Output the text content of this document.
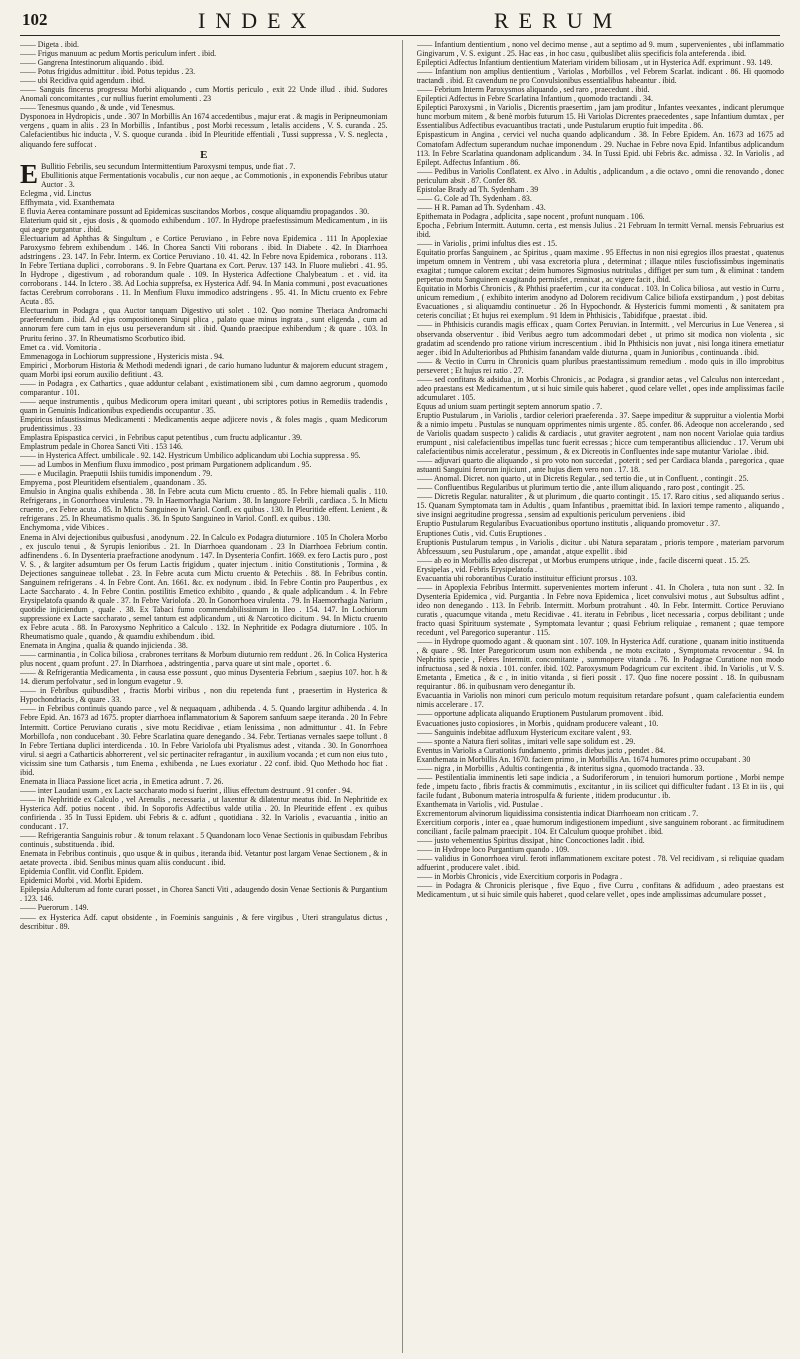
102	INDEX	RERUM

—— Digeta . ibid.

—— Frigus manuum ac pedum Mortis periculum infert . ibid.

—— Gangrena Intestinorum aliquando . ibid.

—— Potus frigidus admittitur . ibid. Potus tepidus . 23.

—— ubi Recidiva quid agendum . ibid.

—— Sanguis fincerus progressu Morbi aliquando , cum Mortis periculo , exit 22 Unde illud . ibid. Sudores Anomali concomitantes , cur nullius fuerint emolumenti . 23

—— Tenesmus quando , & unde , vid Tenesmus.

Dysponoea in Hydropicis , unde . 307 In Morbillis An 1674 accedentibus , majur erat . & magis in Peripneumoniam vergens , quam in aliis . 23 In Morbillis , Infantibus , post Morbi recessum , letalis accidens , V. S. curanda . 25. Calefacientibus hic inducta , V. S. quoque curanda . ibid In Pleuritide effentiali , Tussi suppressa , V. S. neglecta , aliquando fere suffocat .

E

E Bullitio Febrilis, seu secundum Intermittentium Paroxysmi tempus, unde fiat . 7.

Ebullitionis atque Fermentationis vocabulis , cur non aeque , ac Commotionis , in exponendis Febribus utatur Auctor . 3.

Eclegma , vid. Linctus

Effhymata , vid. Exanthemata

E fluvia Aerea contaminare possunt ad Epidemicas suscitandos Morbos , cosque aliquamdiu propagandos . 30.

Elaterium quid sit , ejus dosis , & quomodo exhibendum . 107. In Hydrope praefestissimum Medicamentum , in iis qui aegre purgantur . ibid.

Electuarium ad Aphthas & Singultum , e Cortice Peruviano , in Febre nova Epidemica . 111 In Apoplexiae Paroxysmo febrem exhibendum . 146. In Chorea Sancti Viti roborans . ibid. In Diabete . 42. In Diarrhoea adstringens . 23. 147. In Febr. Interm. ex Cortice Peruviano . 10. 41. 42. In Febre nova Epidemica , roborans . 113. In Febre Tertiana duplici , corroborans . 9. In Febre Quartana ex Cort. Peruv. 137 143. In Fluore muliebri . 41. 95. In Hydrope , digestivum , ad roborandum quale . 109. In Hysterica Adfectione Chalybeatum . et . vid. ita corroborans . 144. In Ictero . 38. Ad Lochia supprefsa, ex Hysterica Adf. 94. In Mania communi , post evacuationes factas Cerebrum corroborans . 11. In Menfium Fluxu immodico adstringens . 95. 41. In Mictu cruento ex Febre Acuta . 85.

Electuarium in Podagra , qua Auctor tanquam Digestivo uti solet . 102. Quo nomine Theriaca Andromachi praeferendum . ibid. Ad ejus compositionem Sirupi plica , palato quae minus ingrata , sunt eligenda , cum ad annorum fere cum tam in ejus usu perseverandum sit . ibid. Quando praecipue exhibendum ; & quare . 103. In Pruritu ferino . 37. In Rheumatismo Scorbutico ibid.

Emet ca . vid. Vomitoria .

Emmenagoga in Lochiorum suppressione , Hystericis mista . 94.

Empirici , Morborum Historia & Methodi medendi ignari , de cario humano luduntur & majorem educunt stragem , quam Morbi ipsi eorum auxilio defitiunt . 43.

—— in Podagra , ex Cathartics , quae adduntur celabant , existimationem sibi , cum damno aegrorum , quomodo comparantur . 101.

—— aeque instrumentis , quibus Medicorum opera imitari queant , ubi scriptores potius in Remediis tradendis , quam in Genuinis Indicationibus expediendis occupantur . 35.

Empiricus infaustissimus Medicamenti : Medicamentis aeque adjicere novis , & foles magis , quam Medicorum prudentissimus . 33

Emplastra Epispastica cervici , in Febribus caput petentibus , cum fructu adplicantur . 39.

Emplastrum pedale in Chorea Sancti Viti . 153 146.

—— in Hysterica Affect. umbilicale . 92. 142. Hystricum Umbilico adplicandum ubi Lochia suppressa . 95.

—— ad Lumbos in Menfium fluxu immodico , post primam Purgationem adplicandum . 95.

—— e Mucilagin. Praeputii Ishiis tumidis imponendum . 79.

Empyema , post Pleuritidem efsentialem , quandonam . 35.

Emulsio in Angina qualis exhibenda . 38. In Febre acuta cum Mictu cruento . 85. In Febre hiemali qualis . 110. Refrigerans , in Gonorrhoea virulenta . 79. In Haemorrhagia Narium . 38. In languore Febrili , cardiaca . 5. In Mictu cruento , ex Febre acuta . 85. In Mictu Sanguineo in Variol. Confl. ex quibus . 130. In Pleuritide effent. Lenient , & refrigerans . 25. In Rheumatismo qualis . 36. In Sputo Sanguineo in Variol. Confl. ex quibus . 130.

Enchymoma , vide Vibices .

Enema in Alvi dejectionibus quibusfusi , anodynum . 22. In Calculo ex Podagra diuturniore . 105 In Cholera Morbo , ex jusculo tenui , & Syrupis lenioribus . 21. In Diarrhoea quandonam . 23 In Diarrhoea Febrium contin. adfinendens . 6. In Dysenteria praefractione anodynum . 147. In Dysenteria Confirt. 1669. ex fero Lactis puro , post V. S. , & largiter adsumtum per Os ferum Lactis frigidum , quater injectum . initio Constitutionis , Tormina , & Dejectiones sanguineae tollebat . 23. In Febre acuta cum Mictu cruento & Petechiis . 88. In Febribus contin. Sanguinem refrigerans . 4. In Febre Cont. An. 1661. &c. ex nodynum . ibid. In Febre Contin pro Paupertbus , ex Lacte Saccharato . 4. In Febre Contin. postilitis Emetico exhibito , quando , & quale adplicandum . 4. In Febre Erysipelatofa quando & quale . 37. In Febre Variolofa . 20. In Gonorrhoea virulenta . 79. In Haemorrhagia Narium , quotidie injiciendum , quale . 38. Ex Tabaci fumo commendabilissimum in Ileo . 154. 147. In Lochiorum suppressione ex Lacte saccharato , semel tantum est adplicandum , uti & Narcotico dicitum . 94. In Mictu cruento ex Febre acuta . 88. In Paroxysmo Nephritico a Calculo . 132. In Nephritide ex Podagra diuturniore . 105. In Rheumatismo quale , quando , & quamdiu exhibendum . ibid.

Enemata in Angina , qualia & quando injicienda . 38.

—— carminantia , in Colica biliosa , crabrones territans & Morbum diuturnio rem reddunt . 26. In Colica Hysterica plus nocent , quam profunt . 27. In Diarrhoea , adstringentia , parva quare ut sint male , oportet . 6.

—— & Refrigerantia Medicamenta , in causa esse possunt , quo minus Dysenteria Febrium , saepius 107. hor. h & 14. dierum perfolvatur , sed in longum evagetur . 9.

—— in Febribus quibusdibet , fractis Morbi viribus , non diu repetenda funt , praesertim in Hysterica & Hypochondriacis , & quare . 33.

—— in Febribus continuis quando parce , vel & nequaquam , adhibenda . 4. 5. Quando largitur adhibenda . 4. In Febre Epid. An. 1673 ad 1675. propter diarrhoea inflammatorium & Saporem sanfuum saepe iteranda . 20 In Febre Intermitt. Cortice Peruviano curatis , sive motu Recidivae , etiam lenissima , non admittuntur . 41. In Febre Morbillofa , non conducebant . 30. Febre Scarlatina quare denegando . 34. Febr. Tertianas vernales saepe tollunt . 8 In Febre Tertiana duplici interdicenda . 10. In Febre Variolofa ubi Ptyalismus adest , vitanda . 30. In Gonorrhoea virul. si aegri a Catharticis abhorrerent , vel sic pertinaciter refragantur , in auxilium vocanda ; et cum non eius tuto , vicissim sine tum Catharsis , tum Enema , exhibenda , ne Lues exoriatur . 22 conf. ibid. Quo Methodo hoc fiat . ibid.

Enemata in Iliaca Passione licet acria , in Emetica adrunt . 7. 26.

—— inter Laudani usum , ex Lacte saccharato modo si fuerint , illius effectum destruunt . 91 confer . 94.

—— in Nephritide ex Calculo , vel Arenulis , necessaria , ut laxentur & dilatentur meatus ibid. In Nephritide ex Hysterica Adf. potius nocent . ibid. In Soporofis Adfectibus valde utilia . 20. In Pleuritide effent . ex quibus confirienda . 35 In Tussi Epidem. ubi Febris & c. adfunt , quotidiana . 32. In Variolis , evacuantia , initio an conducant . 17.

—— Refrigerantia Sanguinis robur . & tonum relaxant . 5 Quandonam loco Venae Sectionis in quibusdam Febribus continuis , substituenda . ibid.

Enemata in Febribus continuis , quo usque & in quibus , iteranda ibid. Vetantur post largam Venae Sectionem , & in aetate provecta . ibid. Senibus minus quam aliis conducunt . ibid.

Epidemia Conflit. vid Conflit. Epidem.

Epidemici Morbi , vid. Morbi Epidem.

Epilepsia Adulterum ad fonte curari posset , in Chorea Sancti Viti , adaugendo dosin Venae Sectionis & Purgantium . 123. 146.

—— Puerorum . 149.

—— ex Hysterica Adf. caput obsidente , in Foeminis sanguinis , & fere virgibus , Uteri strangulatus dictus , describitur . 89.

—— Infantium dentientium , nono vel decimo mense , aut a septimo ad 9. mum , supervenientes , ubi inflammatio Gingivarum , V. S. exigunt . 25. Hac eas , in hoc casu , quibuslibet aliis specificis fola anteferenda . ibid.

Epileptici Adfectus Infantium dentientium Materiam viridem biliosam , ut in Hysterica Adf. exprimunt . 93. 149.

—— Infantium non amplius dentientium , Variolas , Morbillos , vel Febrem Scarlat. indicant . 86. Hi quomodo tractandi . ibid. Et cavendum ne pro Convulsionibus essentialibus habeantur . ibid.

—— Febrium Interm Paroxysmos aliquando , sed raro , praecedunt . ibid.

Epileptici Adfectus in Febre Scarlatina Infantium , quomodo tractandi . 34.

Epileptici Paroxysmi , in Variolis , Dicrentis praesertim , jam jam proditur , Infantes veexantes , indicant plerumque hunc morbum mitem , & benè morbis futurum 15. Hi Variolas Dicrentes praecedentes , sape Infantium dumtax , per Essentialibus Adfectibus evacuantibus tractati , unde Pustularum eruptio fuit impedita . 86.

Epispasticum in Angina , cervici vel nucha quando adplicandum . 38. In Febre Epidem. An. 1673 ad 1675 ad Comatofam Adfectum superandum nuchae imponendum . 29. Nuchae in Febre nova Epid. Infantibus adplicandum 113. In Febre Scarlatina quandonam adplicandum . 34. In Tussi Epid. ubi Febris &c. admissa . 32. In Variolis , ad Epilept. Adfectus Infantium . 86.

—— Pedibus in Variolis Conflatent. ex Alvo . in Adultis , adplicandum , a die octavo , omni die renovando , donec periculum absit . 87. Confer 88.

Epistolae Brady ad Th. Sydenham . 39

—— G. Cole ad Th. Sydenham . 83.

—— H R. Paman ad Th. Sydenham . 43.

Epithemata in Podagra , adplicita , sape nocent , profunt nunquam . 106.

Epocha , Febrium Intermitt. Autumn. certa , est mensis Julius . 21 Februam In termitt Vernal. mensis Februarius est ibid.

—— in Variolis , primi infultus dies est . 15.

Equitatio prorfas Sanguinem , ac Spiritus , quam maxime . 95 Effectus in non nisi egregios illos praestat , quatenus impetum omnem in Ventrem , ubi vasa excretoria plura , determinat ; illaque ntiles fusciofissimbus ingeminatis exagitat ; tumque calorem excitat ; deim humores Sigmosius nutritulas , diffiget per sum tum , & eliminat : tandem perpetuo motu Sanguinem exagitando permisfet , rennixat , ac vigere facit , ibid.

Equitatio in Morbis Chronicis , & Phthisi praefertim , cur ita conducat . 103. In Colica biliosa , aut vestio in Curru , unicum remedium , ( exhibito interim anodyno ad Dolorem recidivum Calice biliofa exstirpandum , ) post debitas Evacuationes , si aliquamdiu continuetur . 26 In Hypochondr. & Hystericis fummi momenti , & sanitatem pra ceteris conciliat ; Et hujus rei exemplum . 91 Idem in Phthisicis , Tabidifque , praestat . ibid.

—— in Phthisicis curandis magis efficax , quam Cortex Peruvian. in Intermitt. , vel Mercurius in Lue Venerea , si observanda observentur . ibid Veribus aegro tum adcommodari debet , ut primo sit modica non violenta , sic gradatim ad scendendo pro ratione virium increscentium . ibid In Phthisicis non juvat , nisi longa itinera emetiatur aeger . ibid In Adulterioribus ad Phthisim fanandam valde diuturna , quam in Junioribus , continuanda . ibid.

—— & Vectio in Curru in Chronicis quam pluribus praestantissimum remedium . modo quis in illo improbitus perseveret ; Et hujus rei ratio . 27.

—— sed confitans & adsidua , in Morbis Chronicis , ac Podagra , si grandior aetas , vel Calculus non intercedant , adeo praestans est Medicamentum , ut si huic simile quis haberet , quod celare vellet , opes inde amplissimas facile adcumularet . 105.

Equus ad unium suam pertingit septem annorum spatio . 7.

Eruptio Pustularum , in Variolis , tardior celeriori praeferenda . 37. Saepe impeditur & suppruitur a violentia Morbi & a nimio impetu . Pustulas se nunquam opprimentes nimis urgente . 85. confer. 86. Adeoque non accelerando , sed de Variolis quadam suspecto ) calidis & cardiacis , utut graviter aegrotent , nam non nocent Variolae quia tardius erumpunt , nisi calefacientibus impellas tunc fuerit ecressas ; hicce cum temperantibus allicienduc . 17. Verum ubi calefacientibus nimis acceleratur , pessimum , & ex Dicreotis in Confluentes inde sape mutantur Variolae . ibid.

—— adjuvari quarto die aliquando , si pro voto non succedat , poterit ; sed per Cardiaca blanda , paregorica , quae astuanti Sanguini ferorum injiciunt , ante hujus diem vero non . 17. 18.

—— Anomal. Dicret. non quarto , ut in Dicretis Regular. , sed tertio die , ut in Confluent. , contingit . 25.

—— Confluentibus Regularibus ut plurimum tertio die , ante illum aliquando , raro post , contingit . 25.

—— Dicretis Regular. naturaliter , & ut plurimum , die quarto contingit . 15. 17. Raro citius , sed aliquando serius . 15. Quanam Symptomata tam in Adultis , quam Infantibus , praemittat ibid. In laxiori tempe ramento , aliquando , sive insigni aegritudine progressa , sensim ad expultionis periculum perveniens . ibid

Eruptio Pustularum Regularibus Evacuationibus oportuno institutis , aliquando promovetur . 37.

Eruptiones Cutis , vid. Cutis Eruptiones .

Eruptionis Pustularum tempus , in Variolis , dicitur . ubi Natura separatam , prioris tempore , materiam parvorum Abfcessuum , seu Pustularum , ope , amandat , atque expellit . ibid

—— ab eo in Morbillis adeo discrepat , ut Morbus erumpens utrique , inde , facile discerni queat . 15. 25.

Erysipelas , vid. Febris Erysipelatofa .

Evacuantia ubi roborantibus Curatio instituitur efficiunt prorsus . 103.

—— in Apoplexia Febribus Intermitt. supervenientes mortem inferunt . 41. In Cholera , tuta non sunt . 32. In Dysenteria Epidemica , vid. Purgantia . In Febre nova Epidemica , licet convulsivi motus , aut Subsultus adfint , ideo non denegando . 113. In Febrib. Intermitt. Morbum protrahunt . 40. In Febr. Intermitt. Cortice Peruviano curatis , quacumque vitanda , metu Recidivae . 41. iteratu in Febribus , licet necessaria , corpus debilitant ; unde fracto quasi Spirituum systemate , Symptomata levantur ; quasi Febrium reliquiae , remanent ; quae tempore recedunt , vel Paregorico superantur . 115.

—— in Hydrope quomodo agant . & quonam sint . 107. 109. In Hysterica Adf. curatione , quanam initio instituenda , & quare . 98. Inter Paregoricorum usum non exhibenda , ne motu excitato , Symptomata revocentur . 94. In Nephritis specie , Febres Intermitt. concomitante , summopere vitanda . 76. In Podagrae Curatione non modo infructuosa , sed & noxia . 101. confer. ibid. 102. Paroxysmum Podagricum cur excitent . ibid. In Variolis , ut V. S. Emetanta , Emetica , & c , in initio vitanda , si fieri possit . 17. Quo fine nocere possint . 18. In quibusnam requirantur . 86. in quibusnam vero denegantur ib.

Evacuantia in Variolis non minori cum periculo motum requisitum retardare pofsunt , quam calefacientia eundem nimis accelerare . 17.

—— opportune adplicata aliquando Eruptionem Pustularum promovent . ibid.

Evacuationes justo copiosiores , in Morbis , quidnam producere valeant , 10.

—— Sanguinis indebitae adfluxum Hystericum excitare valent , 93.

—— sponte a Natura fieri solitas , imitari velle sape solidum est . 29.

Eventus in Variolis a Curationis fundamento , primis diebus jacto , pendet . 84.

Exanthemata in Morbillis An. 1670. faciem primo , in Morbillis An. 1674 humores primo occupabant . 30

—— nigra , in Morbillis , Adultis contingentia , & interitus signa , quomodo tractanda . 33.

—— Pestilentialia imminentis leti sape indicia , a Sudoriferorum , in tenuiori humorum portione , Morbi nempe fede , impetu facto , fibris fractis & commimutis , excitantur , in iis scilicet qui difficulter fudant . 13 Et in iis , qui facile fudant , Bubonum materia introspulfa & furiente , itidem producuntur . ib.

Exanthemata in Variolis , vid. Pustulae .

Excrementorum alvinorum liquidissima consistentia indicat Diarrhoeam non criticam . 7.

Exercitium corporis , inter ea , quae humorum indigestionem impediunt , sive sanguinem roborant . ac firmitudinem conciliant , facile palmam praecipit . 104. Et Calculum quoque prohibet . ibid.

—— justo vehementius Spiritus dissipat , hinc Concoctiones ladit . ibid.

—— in Hydrope loco Purgantium quando . 109.

—— validius in Gonorrhoea virul. feroti inflammationem excitare potest . 78. Vel recidivam , si reliquiae quadam adfuerint , producere valet . ibid.

—— in Morbis Chronicis , vide Exercitium corporis in Podagra .

—— in Podagra & Chronicis plerisque , five Equo , five Curru , confitans & adfiduum , adeo praestans est Medicamentum , ut si huic simile quis haberet , quod celare vellet , opes inde amplissimas adcumulare posset ,
